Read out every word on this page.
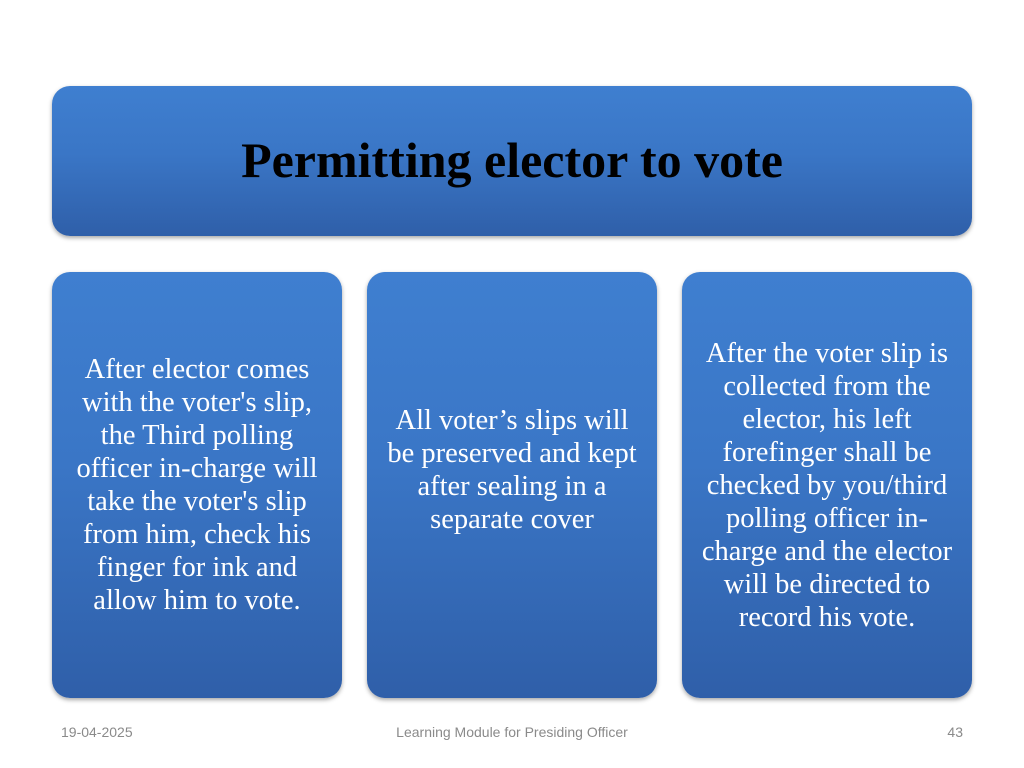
Permitting elector to vote
After elector comes with the voter's slip, the Third polling officer in-charge will take the voter's slip from him, check his finger for ink and allow him to vote.
All voter’s slips will be preserved and kept after sealing in a separate cover
After the voter slip is collected from the elector, his left forefinger shall be checked by you/third polling officer in-charge and the elector will be directed to record his vote.
19-04-2025	Learning Module for Presiding Officer	43
